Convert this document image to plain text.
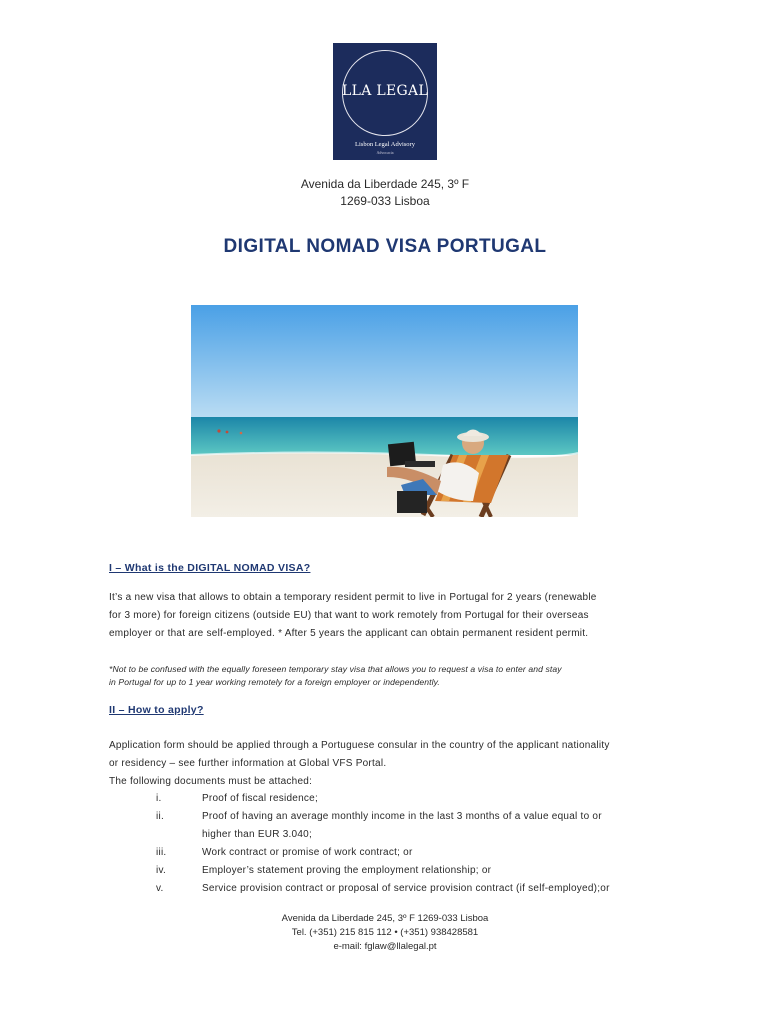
LLA LEGAL
Lisbon Legal Advisory
Advocacia
Avenida da Liberdade 245, 3º F
1269-033 Lisboa
DIGITAL NOMAD VISA PORTUGAL
I – What is the DIGITAL NOMAD VISA?
It’s a new visa that allows to obtain a temporary resident permit to live in Portugal for 2 years (renewable
for 3 more) for foreign citizens (outside EU) that want to work remotely from Portugal for their overseas
employer or that are self-employed. * After 5 years the applicant can obtain permanent resident permit.
*Not to be confused with the equally foreseen temporary stay visa that allows you to request a visa to enter and stay
in Portugal for up to 1 year working remotely for a foreign employer or independently.
II – How to apply?
Application form should be applied through a Portuguese consular in the country of the applicant nationality
or residency – see further information at Global VFS Portal.
The following documents must be attached:
i.	Proof of fiscal residence;
ii.	Proof of having an average monthly income in the last 3 months of a value equal to or
higher than EUR 3.040;
iii.	Work contract or promise of work contract; or
iv.	Employer’s statement proving the employment relationship; or
v.	Service provision contract or proposal of service provision contract (if self-employed);or
Avenida da Liberdade 245, 3º F 1269-033 Lisboa
Tel. (+351) 215 815 112 • (+351) 938428581
e-mail: fglaw@llalegal.pt
